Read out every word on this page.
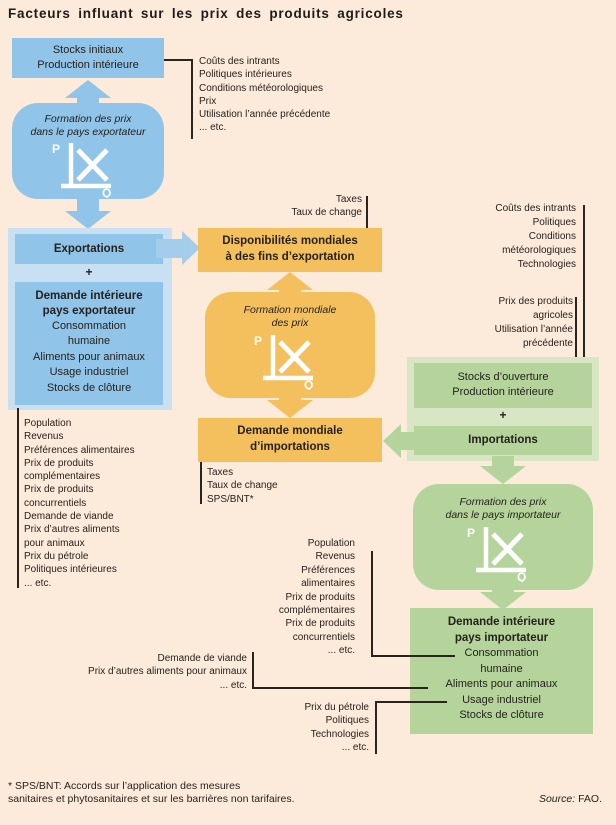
Facteurs influant sur les prix des produits agricoles
Stocks initiaux
Production intérieure	Coûts des intrants
Politiques intérieures
Conditions météorologiques
Prix
Utilisation l’année précédente
... etc.
Formation des prix
dans le pays exportateur
P
Q
Exportations
+
Demande intérieure
pays exportateur
Consommation
humaine
Aliments pour animaux
Usage industriel
Stocks de clôture
Population
Revenus
Préférences alimentaires
Prix de produits
complémentaires
Prix de produits
concurrentiels
Demande de viande
Prix d’autres aliments
pour animaux
Prix du pétrole
Politiques intérieures
... etc.
Taxes
Taux de change
Disponibilités mondiales
à des fins d’exportation
Formation mondiale
des prix
P
Q
Demande mondiale
d’importations
Taxes
Taux de change
SPS/BNT*
Coûts des intrants
Politiques
Conditions
météorologiques
Technologies
Prix des produits
agricoles
Utilisation l’année
précédente
Stocks d’ouverture
Production intérieure
+
Importations
Formation des prix
dans le pays importateur
P
Q
Demande intérieure
pays importateur
Consommation
humaine
Aliments pour animaux
Usage industriel
Stocks de clôture
Population
Revenus
Préférences
alimentaires
Prix de produits
complémentaires
Prix de produits
concurrentiels
... etc.
Demande de viande
Prix d’autres aliments pour animaux
... etc.
Prix du pétrole
Politiques
Technologies
... etc.
* SPS/BNT: Accords sur l’application des mesures
sanitaires et phytosanitaires et sur les barrières non tarifaires.	Source: FAO.
